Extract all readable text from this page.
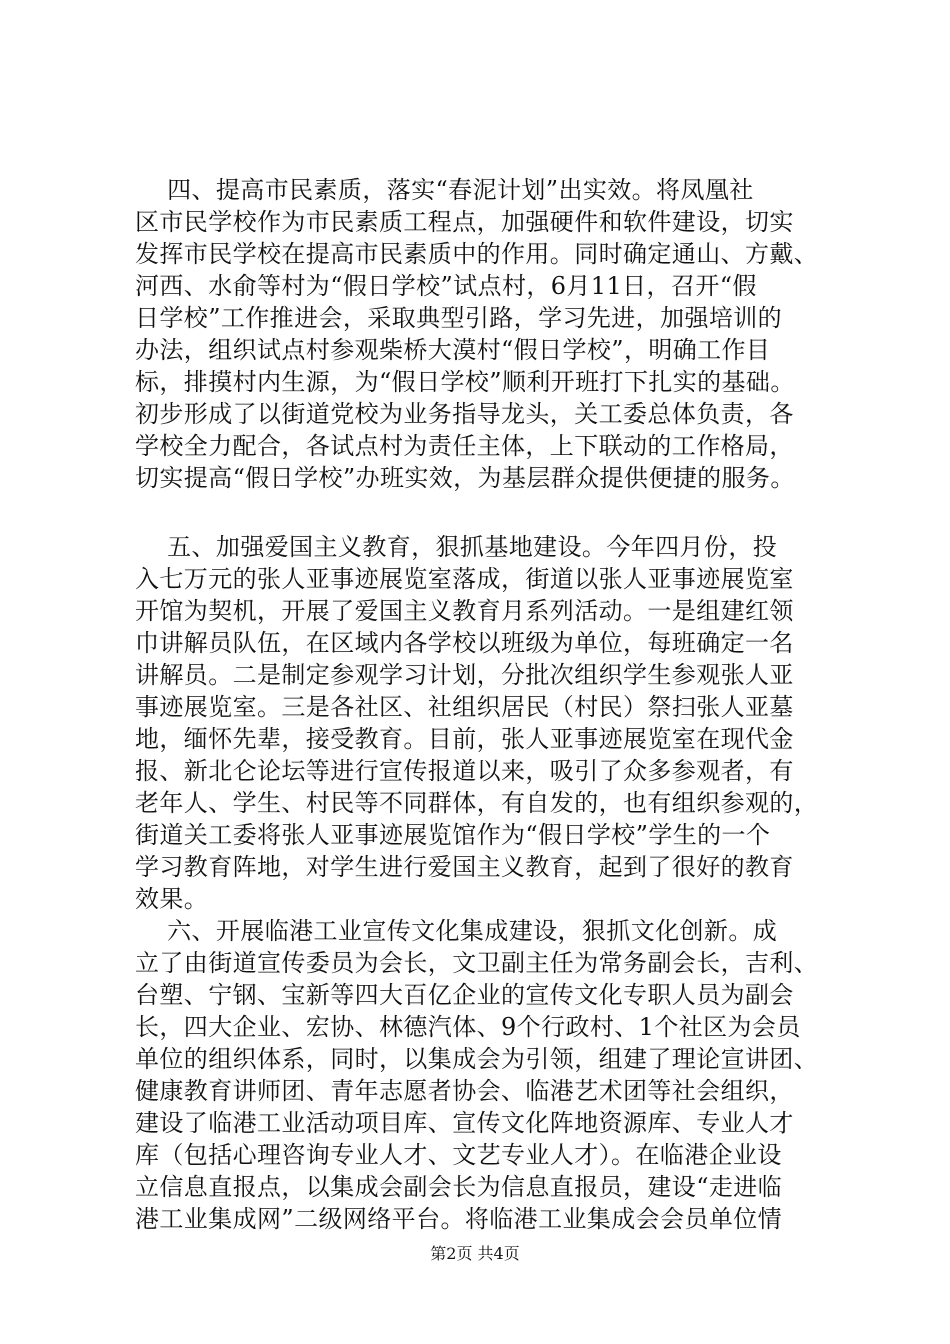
四、提高市民素质，落实“春泥计划”出实效。将凤凰社
区市民学校作为市民素质工程点，加强硬件和软件建设，切实
发挥市民学校在提高市民素质中的作用。同时确定通山、方戴、
河西、水俞等村为“假日学校”试点村，6月11日，召开“假
日学校”工作推进会，采取典型引路，学习先进，加强培训的
办法，组织试点村参观柴桥大漠村“假日学校”，明确工作目
标，排摸村内生源，为“假日学校”顺利开班打下扎实的基础。
初步形成了以街道党校为业务指导龙头，关工委总体负责，各
学校全力配合，各试点村为责任主体，上下联动的工作格局，
切实提高“假日学校”办班实效，为基层群众提供便捷的服务。
五、加强爱国主义教育，狠抓基地建设。今年四月份，投
入七万元的张人亚事迹展览室落成，街道以张人亚事迹展览室
开馆为契机，开展了爱国主义教育月系列活动。一是组建红领
巾讲解员队伍，在区域内各学校以班级为单位，每班确定一名
讲解员。二是制定参观学习计划，分批次组织学生参观张人亚
事迹展览室。三是各社区、社组织居民（村民）祭扫张人亚墓
地，缅怀先辈，接受教育。目前，张人亚事迹展览室在现代金
报、新北仑论坛等进行宣传报道以来，吸引了众多参观者，有
老年人、学生、村民等不同群体，有自发的，也有组织参观的，
街道关工委将张人亚事迹展览馆作为“假日学校”学生的一个
学习教育阵地，对学生进行爱国主义教育，起到了很好的教育
效果。
六、开展临港工业宣传文化集成建设，狠抓文化创新。成
立了由街道宣传委员为会长，文卫副主任为常务副会长，吉利、
台塑、宁钢、宝新等四大百亿企业的宣传文化专职人员为副会
长，四大企业、宏协、林德汽体、9个行政村、1个社区为会员
单位的组织体系，同时，以集成会为引领，组建了理论宣讲团、
健康教育讲师团、青年志愿者协会、临港艺术团等社会组织，
建设了临港工业活动项目库、宣传文化阵地资源库、专业人才
库（包括心理咨询专业人才、文艺专业人才）。在临港企业设
立信息直报点，以集成会副会长为信息直报员，建设“走进临
港工业集成网”二级网络平台。将临港工业集成会会员单位情
第2页 共4页
